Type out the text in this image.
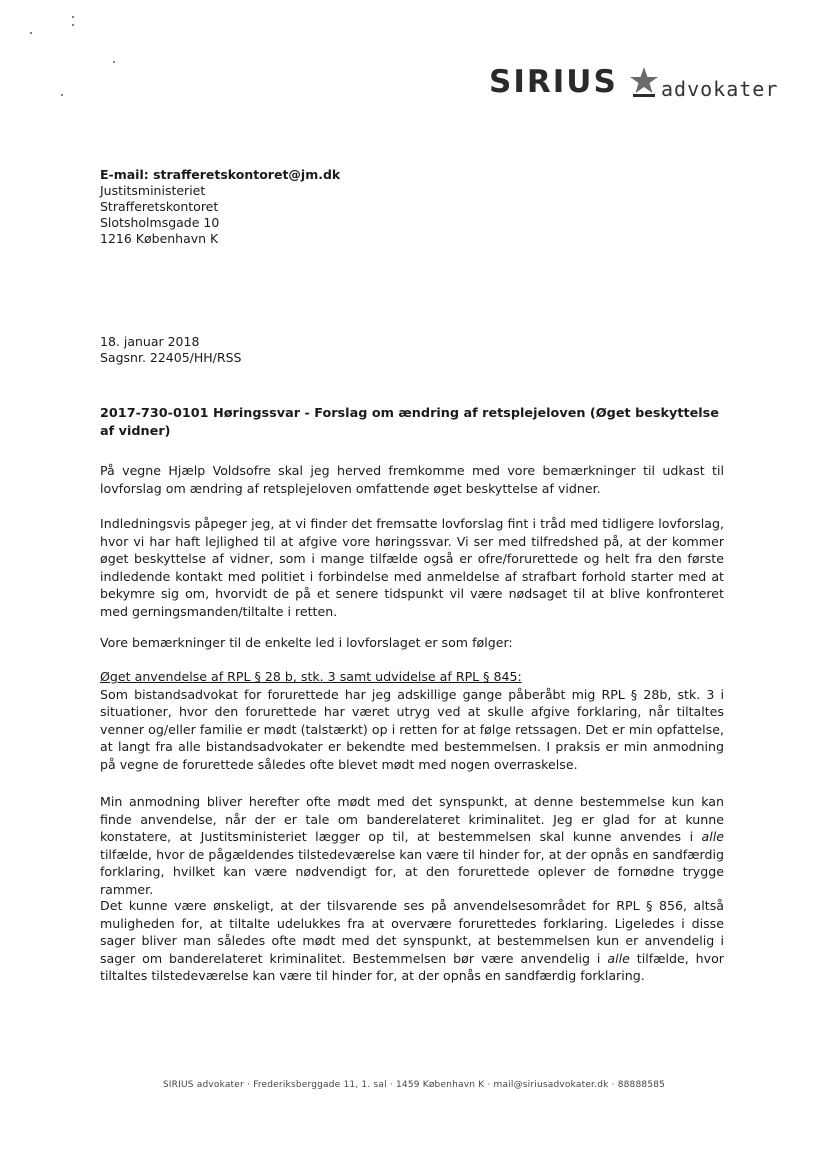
SIRIUS advokater
E-mail: strafferetskontoret@jm.dk
Justitsministeriet
Strafferetskontoret
Slotsholmsgade 10
1216 København K
18. januar 2018
Sagsnr. 22405/HH/RSS
2017-730-0101 Høringssvar - Forslag om ændring af retsplejeloven (Øget beskyttelse af vidner)
På vegne Hjælp Voldsofre skal jeg herved fremkomme med vore bemærkninger til udkast til lovforslag om ændring af retsplejeloven omfattende øget beskyttelse af vidner.
Indledningsvis påpeger jeg, at vi finder det fremsatte lovforslag fint i tråd med tidligere lovforslag, hvor vi har haft lejlighed til at afgive vore høringssvar. Vi ser med tilfredshed på, at der kommer øget beskyttelse af vidner, som i mange tilfælde også er ofre/forurettede og helt fra den første indledende kontakt med politiet i forbindelse med anmeldelse af strafbart forhold starter med at bekymre sig om, hvorvidt de på et senere tidspunkt vil være nødsaget til at blive konfronteret med gerningsmanden/tiltalte i retten.
Vore bemærkninger til de enkelte led i lovforslaget er som følger:
Øget anvendelse af RPL § 28 b, stk. 3 samt udvidelse af RPL § 845:
Som bistandsadvokat for forurettede har jeg adskillige gange påberåbt mig RPL § 28b, stk. 3 i situationer, hvor den forurettede har været utryg ved at skulle afgive forklaring, når tiltaltes venner og/eller familie er mødt (talstærkt) op i retten for at følge retssagen. Det er min opfattelse, at langt fra alle bistandsadvokater er bekendte med bestemmelsen. I praksis er min anmodning på vegne de forurettede således ofte blevet mødt med nogen overraskelse.
Min anmodning bliver herefter ofte mødt med det synspunkt, at denne bestemmelse kun kan finde anvendelse, når der er tale om banderelateret kriminalitet. Jeg er glad for at kunne konstatere, at Justitsministeriet lægger op til, at bestemmelsen skal kunne anvendes i alle tilfælde, hvor de pågældendes tilstedeværelse kan være til hinder for, at der opnås en sandfærdig forklaring, hvilket kan være nødvendigt for, at den forurettede oplever de fornødne trygge rammer.
Det kunne være ønskeligt, at der tilsvarende ses på anvendelsesområdet for RPL § 856, altså muligheden for, at tiltalte udelukkes fra at overvære forurettedes forklaring. Ligeledes i disse sager bliver man således ofte mødt med det synspunkt, at bestemmelsen kun er anvendelig i sager om banderelateret kriminalitet. Bestemmelsen bør være anvendelig i alle tilfælde, hvor tiltaltes tilstedeværelse kan være til hinder for, at der opnås en sandfærdig forklaring.
SIRIUS advokater · Frederiksberggade 11, 1. sal · 1459 København K · mail@siriusadvokater.dk · 88888585
